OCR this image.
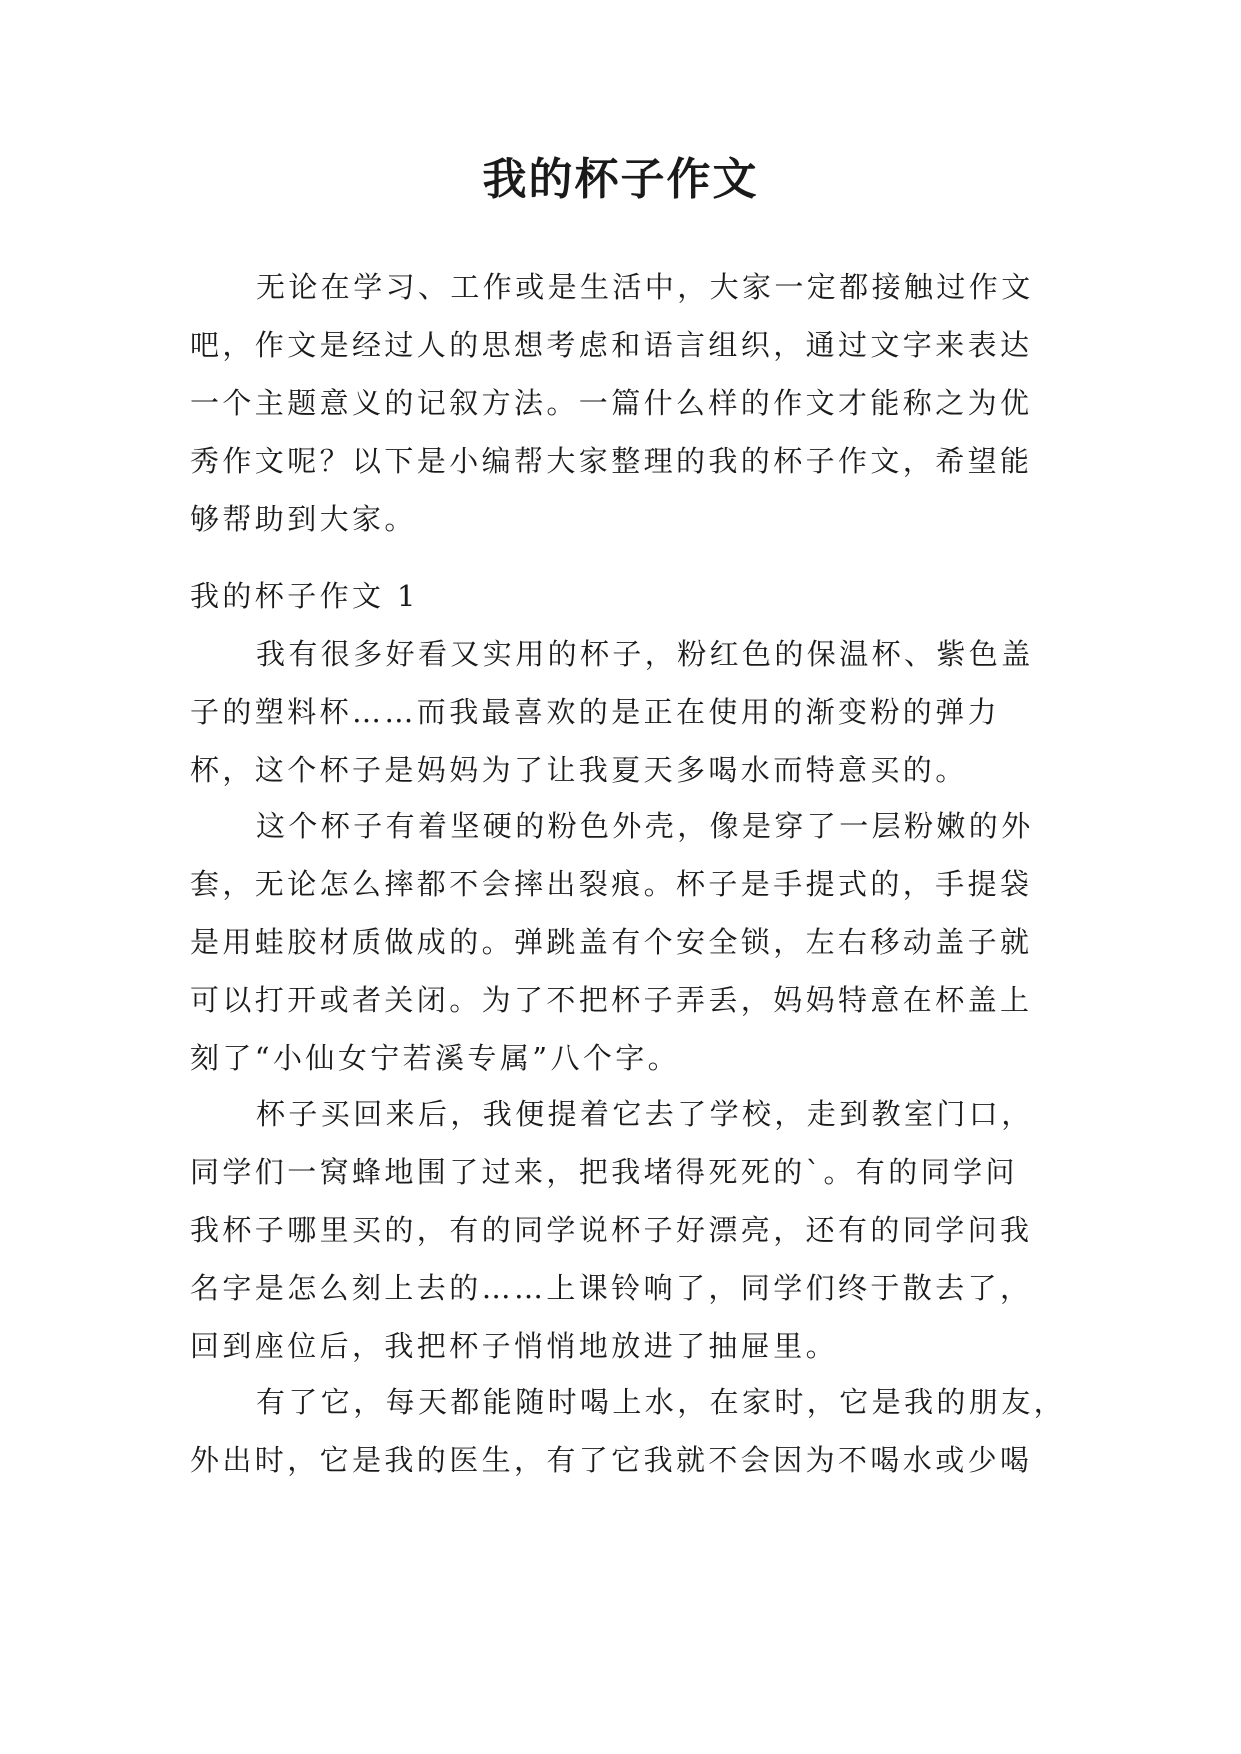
我的杯子作文
无论在学习、工作或是生活中，大家一定都接触过作文
吧，作文是经过人的思想考虑和语言组织，通过文字来表达
一个主题意义的记叙方法。一篇什么样的作文才能称之为优
秀作文呢？以下是小编帮大家整理的我的杯子作文，希望能
够帮助到大家。
我的杯子作文 1
我有很多好看又实用的杯子，粉红色的保温杯、紫色盖
子的塑料杯……而我最喜欢的是正在使用的渐变粉的弹力
杯，这个杯子是妈妈为了让我夏天多喝水而特意买的。
这个杯子有着坚硬的粉色外壳，像是穿了一层粉嫩的外
套，无论怎么摔都不会摔出裂痕。杯子是手提式的，手提袋
是用蛙胶材质做成的。弹跳盖有个安全锁，左右移动盖子就
可以打开或者关闭。为了不把杯子弄丢，妈妈特意在杯盖上
刻了“小仙女宁若溪专属”八个字。
杯子买回来后，我便提着它去了学校，走到教室门口，
同学们一窝蜂地围了过来，把我堵得死死的`。有的同学问
我杯子哪里买的，有的同学说杯子好漂亮，还有的同学问我
名字是怎么刻上去的……上课铃响了，同学们终于散去了，
回到座位后，我把杯子悄悄地放进了抽屉里。
有了它，每天都能随时喝上水，在家时，它是我的朋友，
外出时，它是我的医生，有了它我就不会因为不喝水或少喝
